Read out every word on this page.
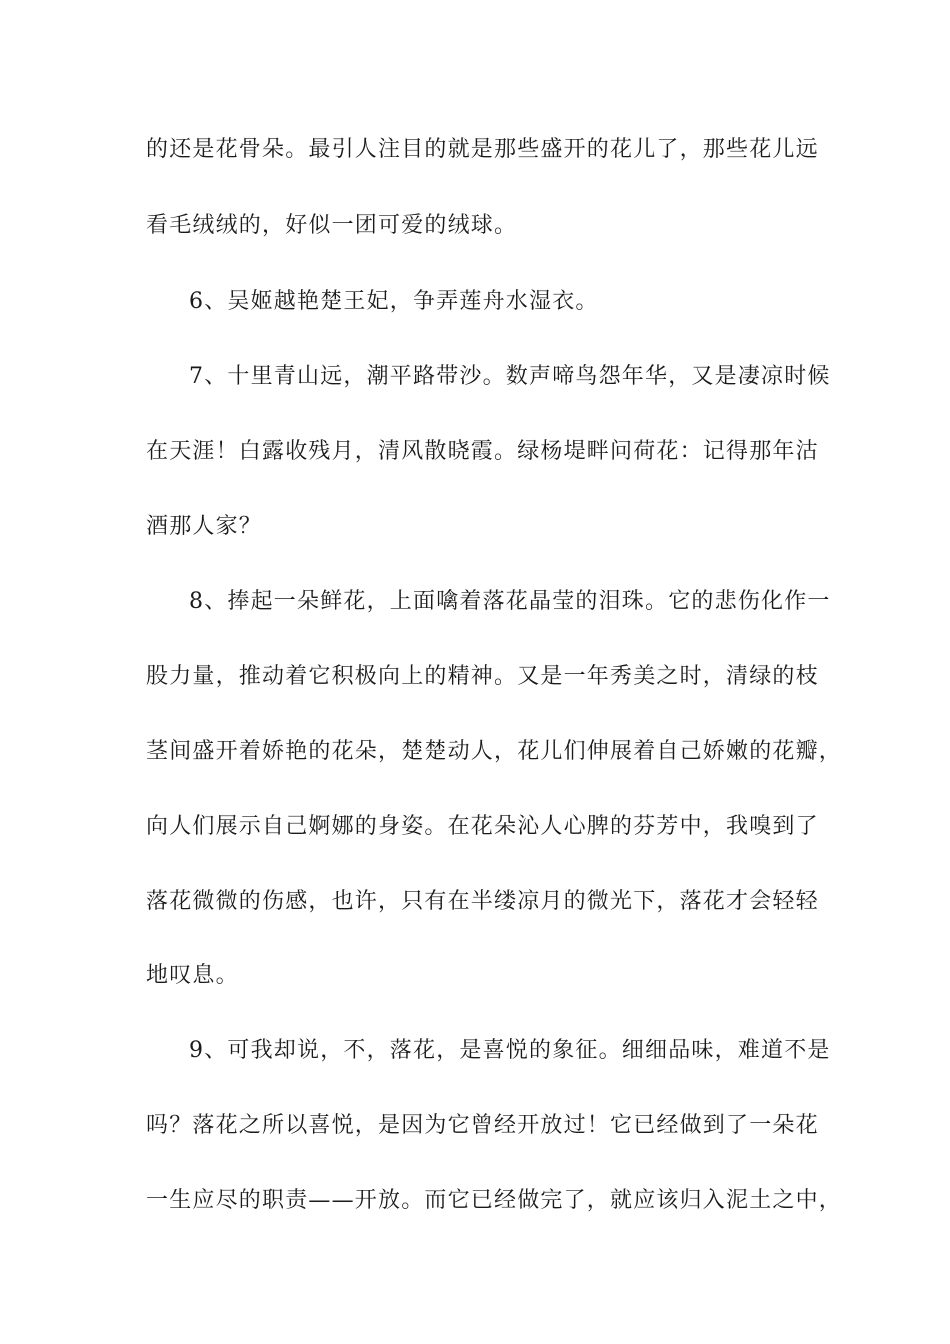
的还是花骨朵。最引人注目的就是那些盛开的花儿了，那些花儿远
看毛绒绒的，好似一团可爱的绒球。
6、吴姬越艳楚王妃，争弄莲舟水湿衣。
7、十里青山远，潮平路带沙。数声啼鸟怨年华，又是凄凉时候
在天涯！白露收残月，清风散晓霞。绿杨堤畔问荷花：记得那年沽
酒那人家？
8、捧起一朵鲜花，上面噙着落花晶莹的泪珠。它的悲伤化作一
股力量，推动着它积极向上的精神。又是一年秀美之时，清绿的枝
茎间盛开着娇艳的花朵，楚楚动人，花儿们伸展着自己娇嫩的花瓣，
向人们展示自己婀娜的身姿。在花朵沁人心脾的芬芳中，我嗅到了
落花微微的伤感，也许，只有在半缕凉月的微光下，落花才会轻轻
地叹息。
9、可我却说，不，落花，是喜悦的象征。细细品味，难道不是
吗？落花之所以喜悦，是因为它曾经开放过！它已经做到了一朵花
一生应尽的职责——开放。而它已经做完了，就应该归入泥土之中，
